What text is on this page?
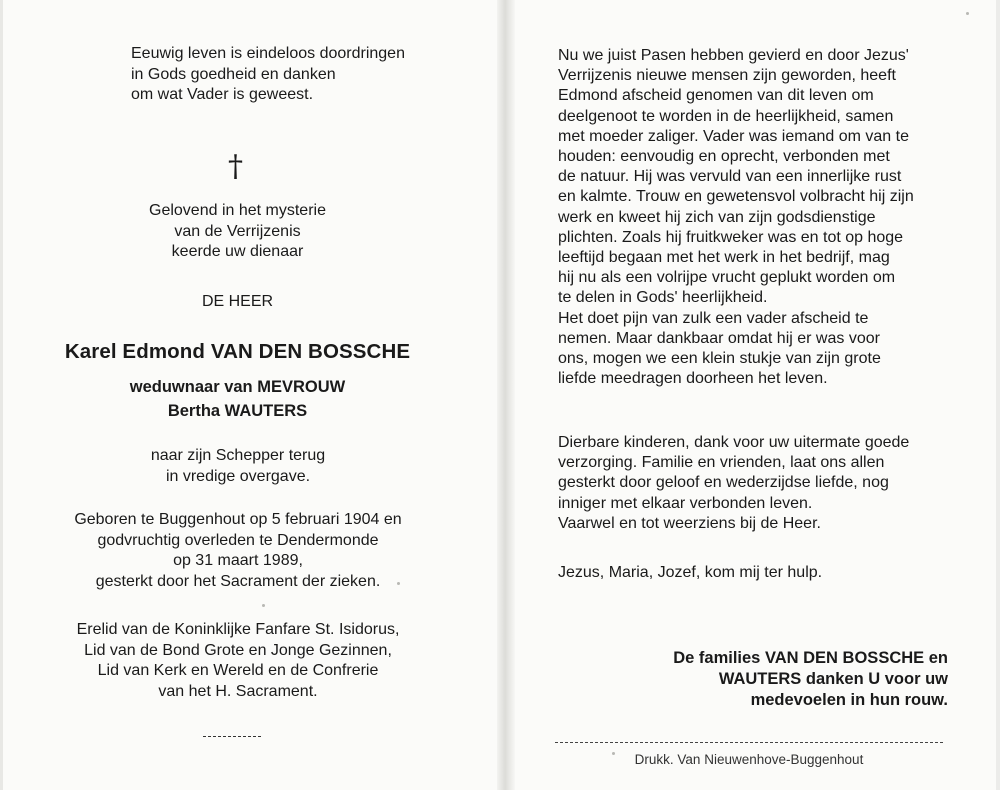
Eeuwig leven is eindeloos doordringen
in Gods goedheid en danken
om wat Vader is geweest.
†
Gelovend in het mysterie
van de Verrijzenis
keerde uw dienaar
DE HEER
Karel Edmond VAN DEN BOSSCHE
weduwnaar van MEVROUW
Bertha WAUTERS
naar zijn Schepper terug
in vredige overgave.
Geboren te Buggenhout op 5 februari 1904 en
godvruchtig overleden te Dendermonde
op 31 maart 1989,
gesterkt door het Sacrament der zieken.
Erelid van de Koninklijke Fanfare St. Isidorus,
Lid van de Bond Grote en Jonge Gezinnen,
Lid van Kerk en Wereld en de Confrerie
van het H. Sacrament.

Nu we juist Pasen hebben gevierd en door Jezus'

Verrijzenis nieuwe mensen zijn geworden, heeft

Edmond afscheid genomen van dit leven om

deelgenoot te worden in de heerlijkheid, samen

met moeder zaliger. Vader was iemand om van te

houden: eenvoudig en oprecht, verbonden met

de natuur. Hij was vervuld van een innerlijke rust

en kalmte. Trouw en gewetensvol volbracht hij zijn

werk en kweet hij zich van zijn godsdienstige

plichten. Zoals hij fruitkweker was en tot op hoge

leeftijd begaan met het werk in het bedrijf, mag

hij nu als een volrijpe vrucht geplukt worden om

te delen in Gods' heerlijkheid.

Het doet pijn van zulk een vader afscheid te

nemen. Maar dankbaar omdat hij er was voor

ons, mogen we een klein stukje van zijn grote

liefde meedragen doorheen het leven.

Dierbare kinderen, dank voor uw uitermate goede

verzorging. Familie en vrienden, laat ons allen

gesterkt door geloof en wederzijdse liefde, nog

inniger met elkaar verbonden leven.

Vaarwel en tot weerziens bij de Heer.

Jezus, Maria, Jozef, kom mij ter hulp.
De families VAN DEN BOSSCHE en
WAUTERS danken U voor uw
medevoelen in hun rouw.
Drukk. Van Nieuwenhove-Buggenhout
